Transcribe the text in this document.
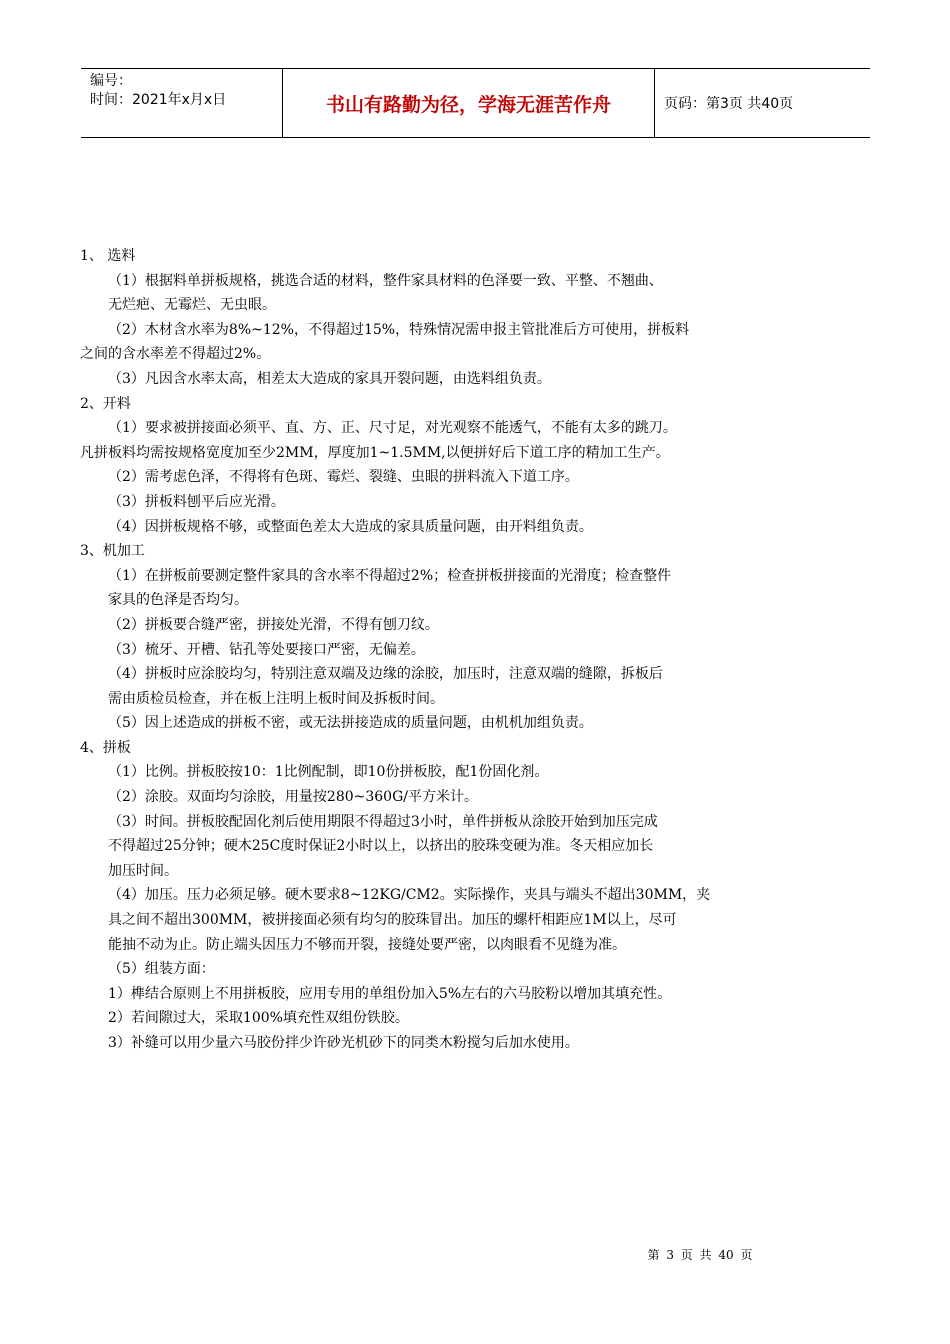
编号：
时间：2021年x月x日	书山有路勤为径，学海无涯苦作舟	页码：第3页 共40页

1、 选料

（1）根据料单拼板规格，挑选合适的材料，整件家具材料的色泽要一致、平整、不翘曲、

无烂疤、无霉烂、无虫眼。

（2）木材含水率为8%~12%，不得超过15%，特殊情况需申报主管批准后方可使用，拼板料

之间的含水率差不得超过2%。

（3）凡因含水率太高，相差太大造成的家具开裂问题，由选料组负责。

2、开料

（1）要求被拼接面必须平、直、方、正、尺寸足，对光观察不能透气，不能有太多的跳刀。

凡拼板料均需按规格宽度加至少2MM，厚度加1~1.5MM,以便拼好后下道工序的精加工生产。

（2）需考虑色泽，不得将有色斑、霉烂、裂缝、虫眼的拼料流入下道工序。

（3）拼板料刨平后应光滑。

（4）因拼板规格不够，或整面色差太大造成的家具质量问题，由开料组负责。

3、机加工

（1）在拼板前要测定整件家具的含水率不得超过2%；检查拼板拼接面的光滑度；检查整件

家具的色泽是否均匀。

（2）拼板要合缝严密，拼接处光滑，不得有刨刀纹。

（3）梳牙、开槽、钻孔等处要接口严密，无偏差。

（4）拼板时应涂胶均匀，特别注意双端及边缘的涂胶，加压时，注意双端的缝隙，拆板后

需由质检员检查，并在板上注明上板时间及拆板时间。

（5）因上述造成的拼板不密，或无法拼接造成的质量问题，由机机加组负责。

4、拼板

（1）比例。拼板胶按10：1比例配制，即10份拼板胶，配1份固化剂。

（2）涂胶。双面均匀涂胶，用量按280~360G/平方米计。

（3）时间。拼板胶配固化剂后使用期限不得超过3小时，单件拼板从涂胶开始到加压完成

不得超过25分钟；硬木25C度时保证2小时以上，以挤出的胶珠变硬为准。冬天相应加长

加压时间。

（4）加压。压力必须足够。硬木要求8~12KG/CM2。实际操作，夹具与端头不超出30MM，夹

具之间不超出300MM，被拼接面必须有均匀的胶珠冒出。加压的螺杆相距应1M以上，尽可

能抽不动为止。防止端头因压力不够而开裂，接缝处要严密，以肉眼看不见缝为准。

（5）组装方面：

1）榫结合原则上不用拼板胶，应用专用的单组份加入5%左右的六马胶粉以增加其填充性。

2）若间隙过大，采取100%填充性双组份铁胶。

3）补缝可以用少量六马胶份拌少许砂光机砂下的同类木粉搅匀后加水使用。

第 3 页 共 40 页
